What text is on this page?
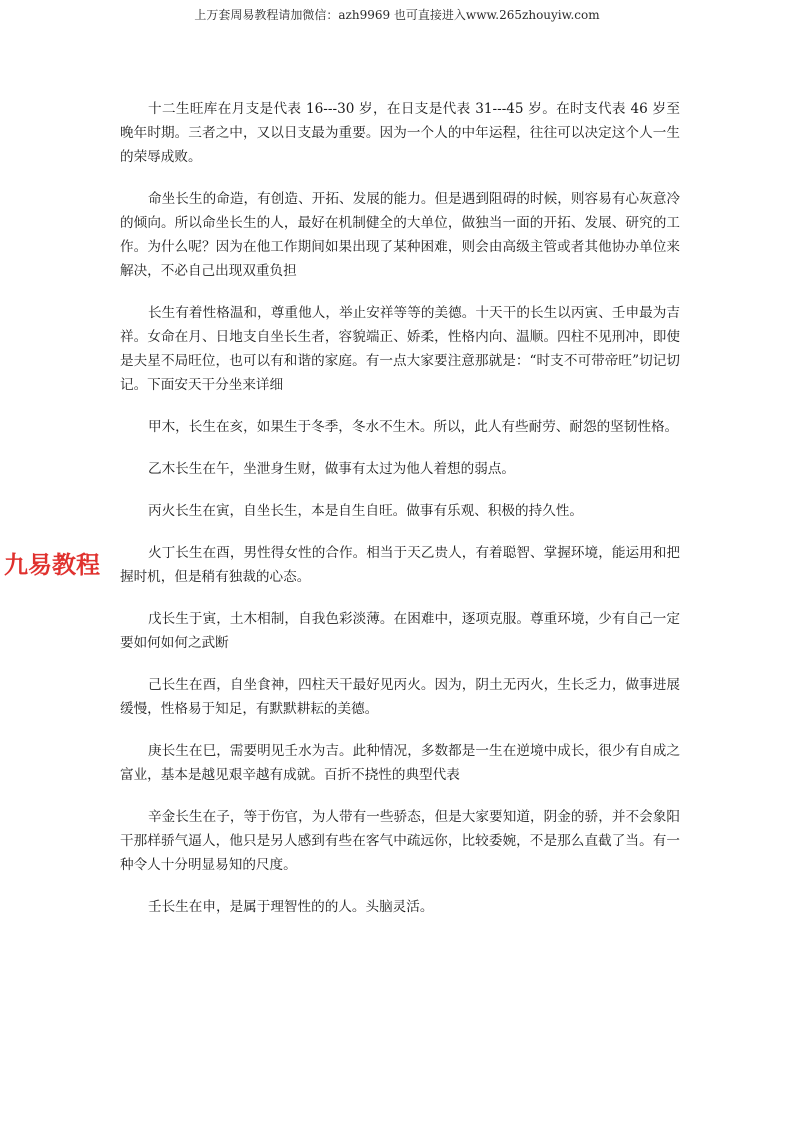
上万套周易教程请加微信：azh9969 也可直接进入www.265zhouyiw.com
九易教程

十二生旺库在月支是代表 16---30 岁，在日支是代表 31---45 岁。在时支代表 46 岁至晚年时期。三者之中，又以日支最为重要。因为一个人的中年运程，往往可以决定这个人一生的荣辱成败。

命坐长生的命造，有创造、开拓、发展的能力。但是遇到阻碍的时候，则容易有心灰意冷的倾向。所以命坐长生的人，最好在机制健全的大单位，做独当一面的开拓、发展、研究的工作。为什么呢？因为在他工作期间如果出现了某种困难，则会由高级主管或者其他协办单位来解决，不必自己出现双重负担

长生有着性格温和，尊重他人，举止安祥等等的美德。十天干的长生以丙寅、壬申最为吉祥。女命在月、日地支自坐长生者，容貌端正、娇柔，性格内向、温顺。四柱不见刑冲，即使是夫星不局旺位，也可以有和谐的家庭。有一点大家要注意那就是：“时支不可带帝旺”切记切记。下面安天干分坐来详细

甲木，长生在亥，如果生于冬季，冬水不生木。所以，此人有些耐劳、耐怨的坚韧性格。

乙木长生在午，坐泄身生财，做事有太过为他人着想的弱点。

丙火长生在寅，自坐长生，本是自生自旺。做事有乐观、积极的持久性。

火丁长生在酉，男性得女性的合作。相当于天乙贵人，有着聪智、掌握环境，能运用和把握时机，但是稍有独裁的心态。

戊长生于寅，土木相制，自我色彩淡薄。在困难中，逐项克服。尊重环境，少有自己一定要如何如何之武断

己长生在酉，自坐食神，四柱天干最好见丙火。因为，阴土无丙火，生长乏力，做事进展缓慢，性格易于知足，有默默耕耘的美德。

庚长生在巳，需要明见壬水为吉。此种情况，多数都是一生在逆境中成长，很少有自成之富业，基本是越见艰辛越有成就。百折不挠性的典型代表

辛金长生在子，等于伤官，为人带有一些骄态，但是大家要知道，阴金的骄，并不会象阳干那样骄气逼人，他只是另人感到有些在客气中疏远你，比较委婉，不是那么直截了当。有一种令人十分明显易知的尺度。

壬长生在申，是属于理智性的的人。头脑灵活。
